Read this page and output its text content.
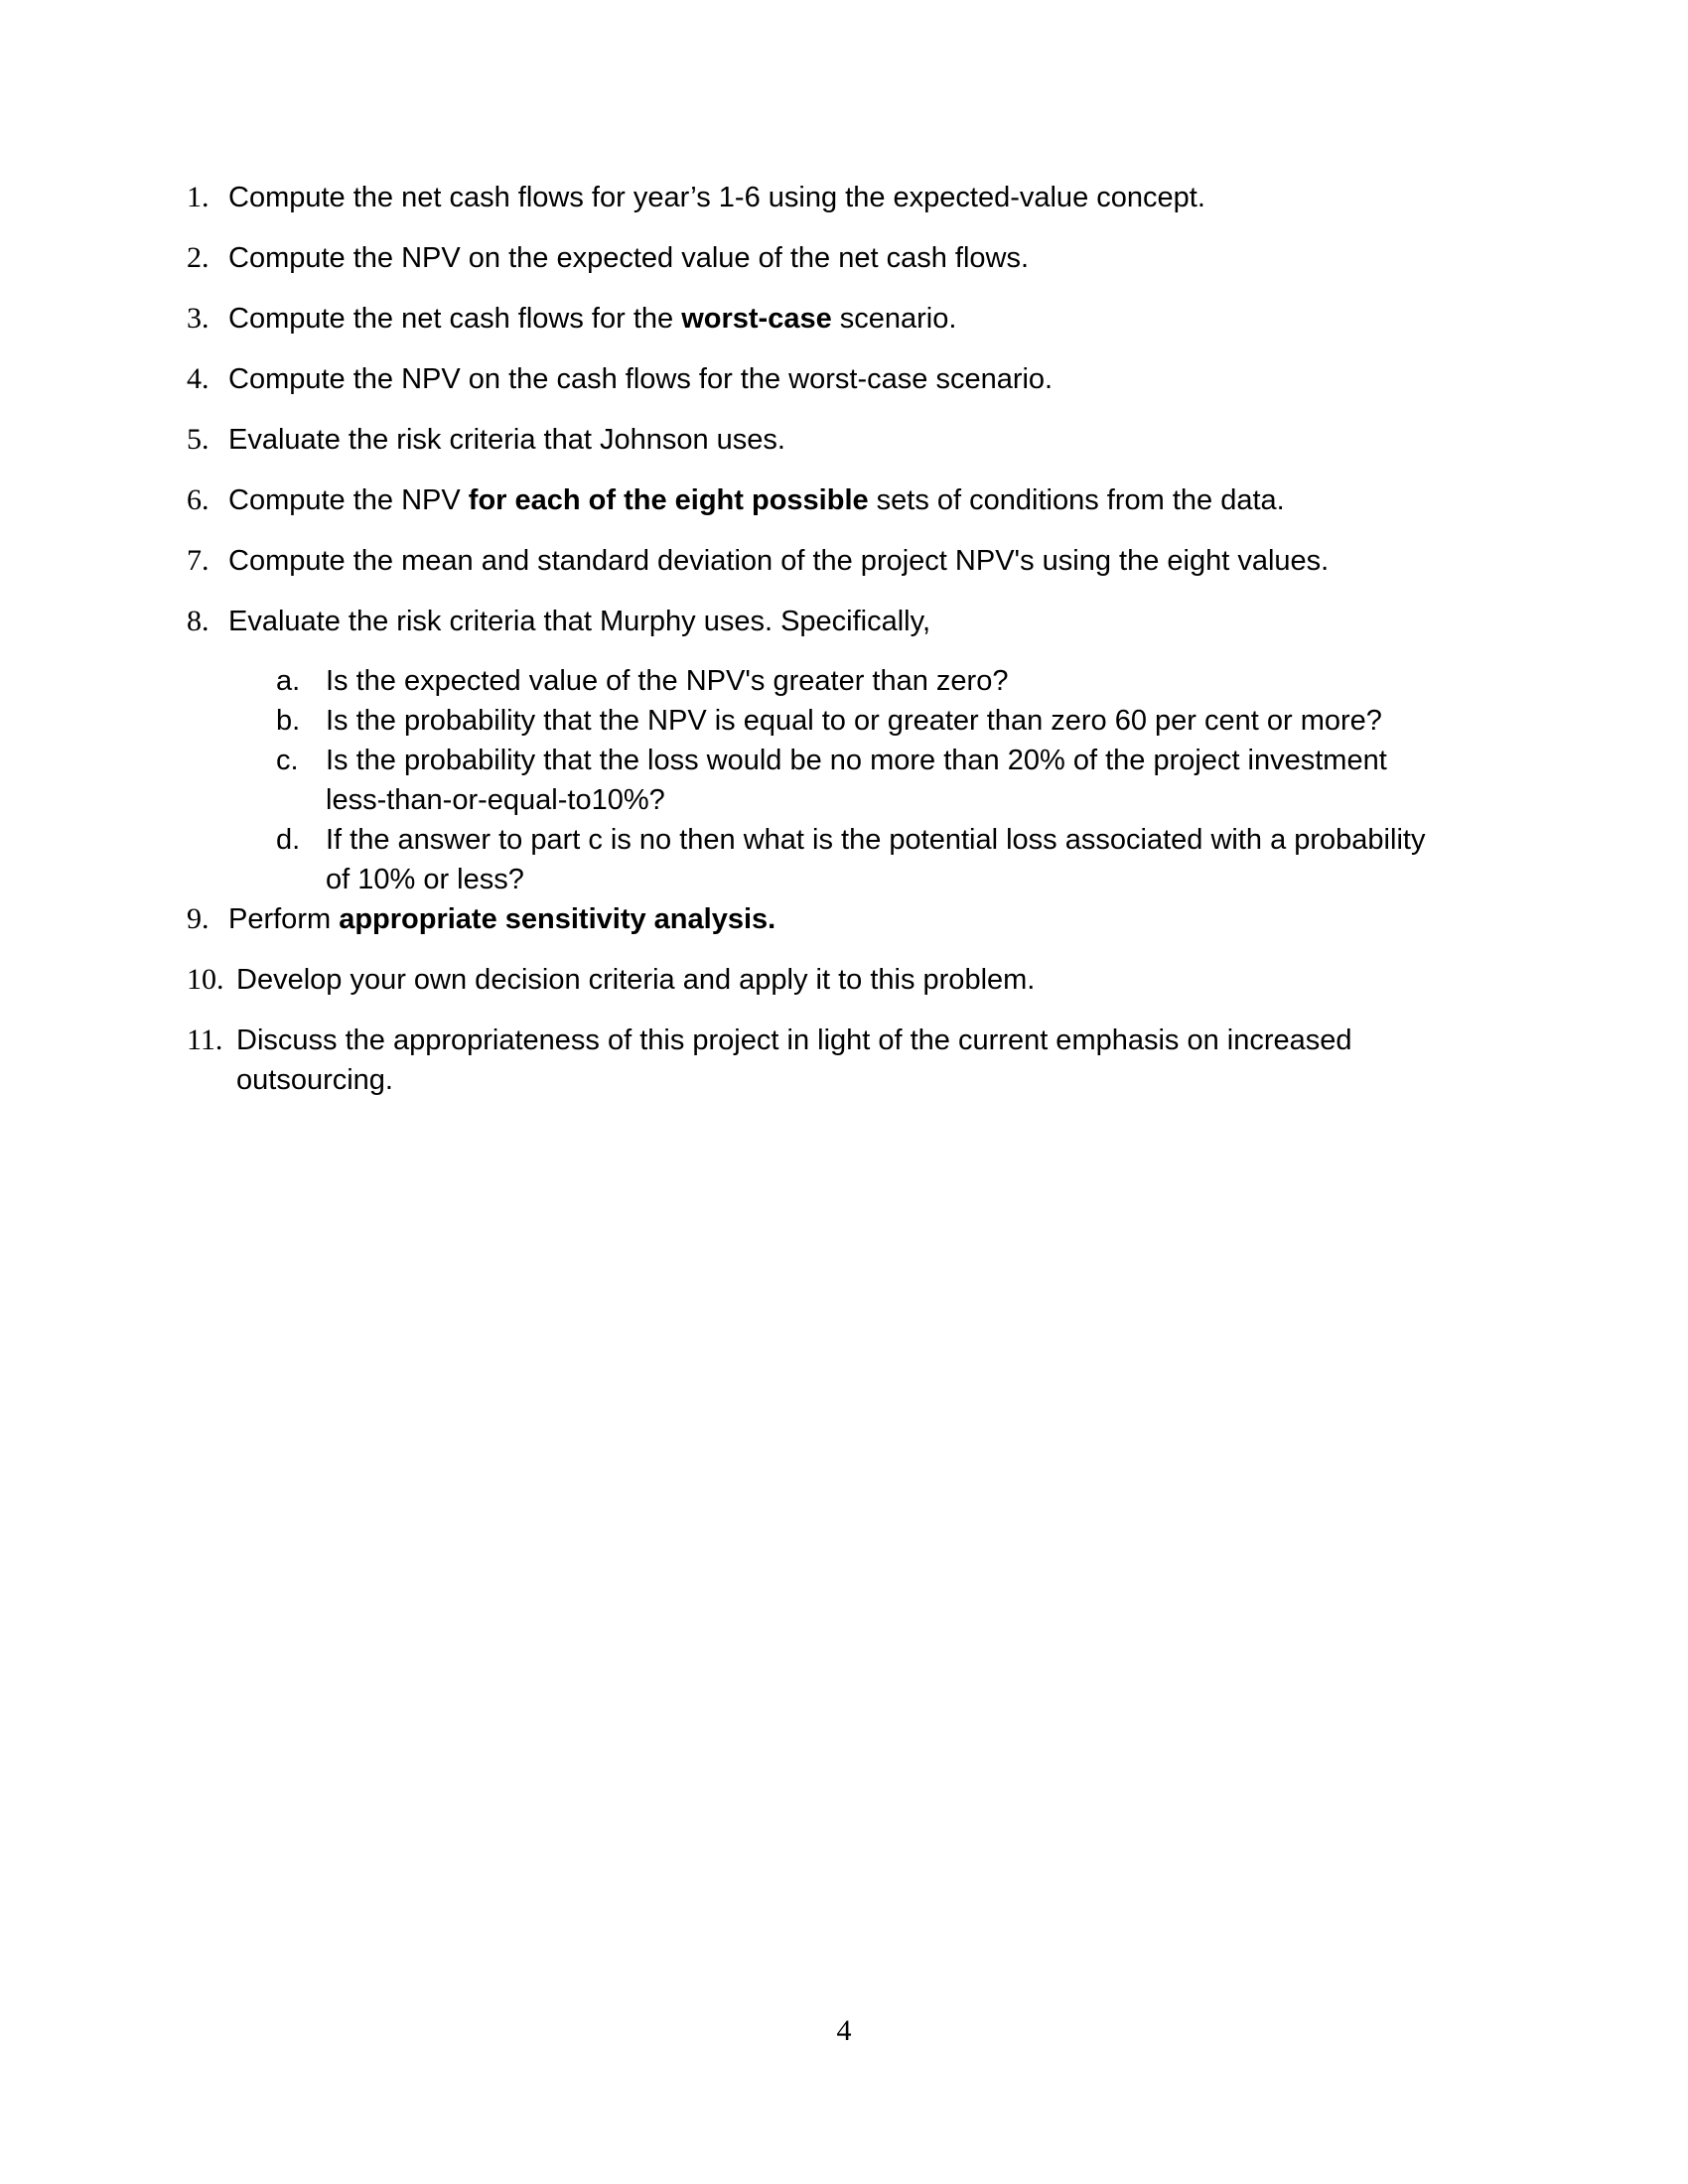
1. Compute the net cash flows for year’s 1-6 using the expected-value concept.
2. Compute the NPV on the expected value of the net cash flows.
3. Compute the net cash flows for the worst-case scenario.
4. Compute the NPV on the cash flows for the worst-case scenario.
5. Evaluate the risk criteria that Johnson uses.
6. Compute the NPV for each of the eight possible sets of conditions from the data.
7. Compute the mean and standard deviation of the project NPV's using the eight values.
8. Evaluate the risk criteria that Murphy uses. Specifically,
a. Is the expected value of the NPV's greater than zero?
b. Is the probability that the NPV is equal to or greater than zero 60 per cent or more?
c. Is the probability that the loss would be no more than 20% of the project investment
less-than-or-equal-to10%?
d. If the answer to part c is no then what is the potential loss associated with a probability
of 10% or less?
9. Perform appropriate sensitivity analysis.
10. Develop your own decision criteria and apply it to this problem.
11. Discuss the appropriateness of this project in light of the current emphasis on increased
outsourcing.
4
